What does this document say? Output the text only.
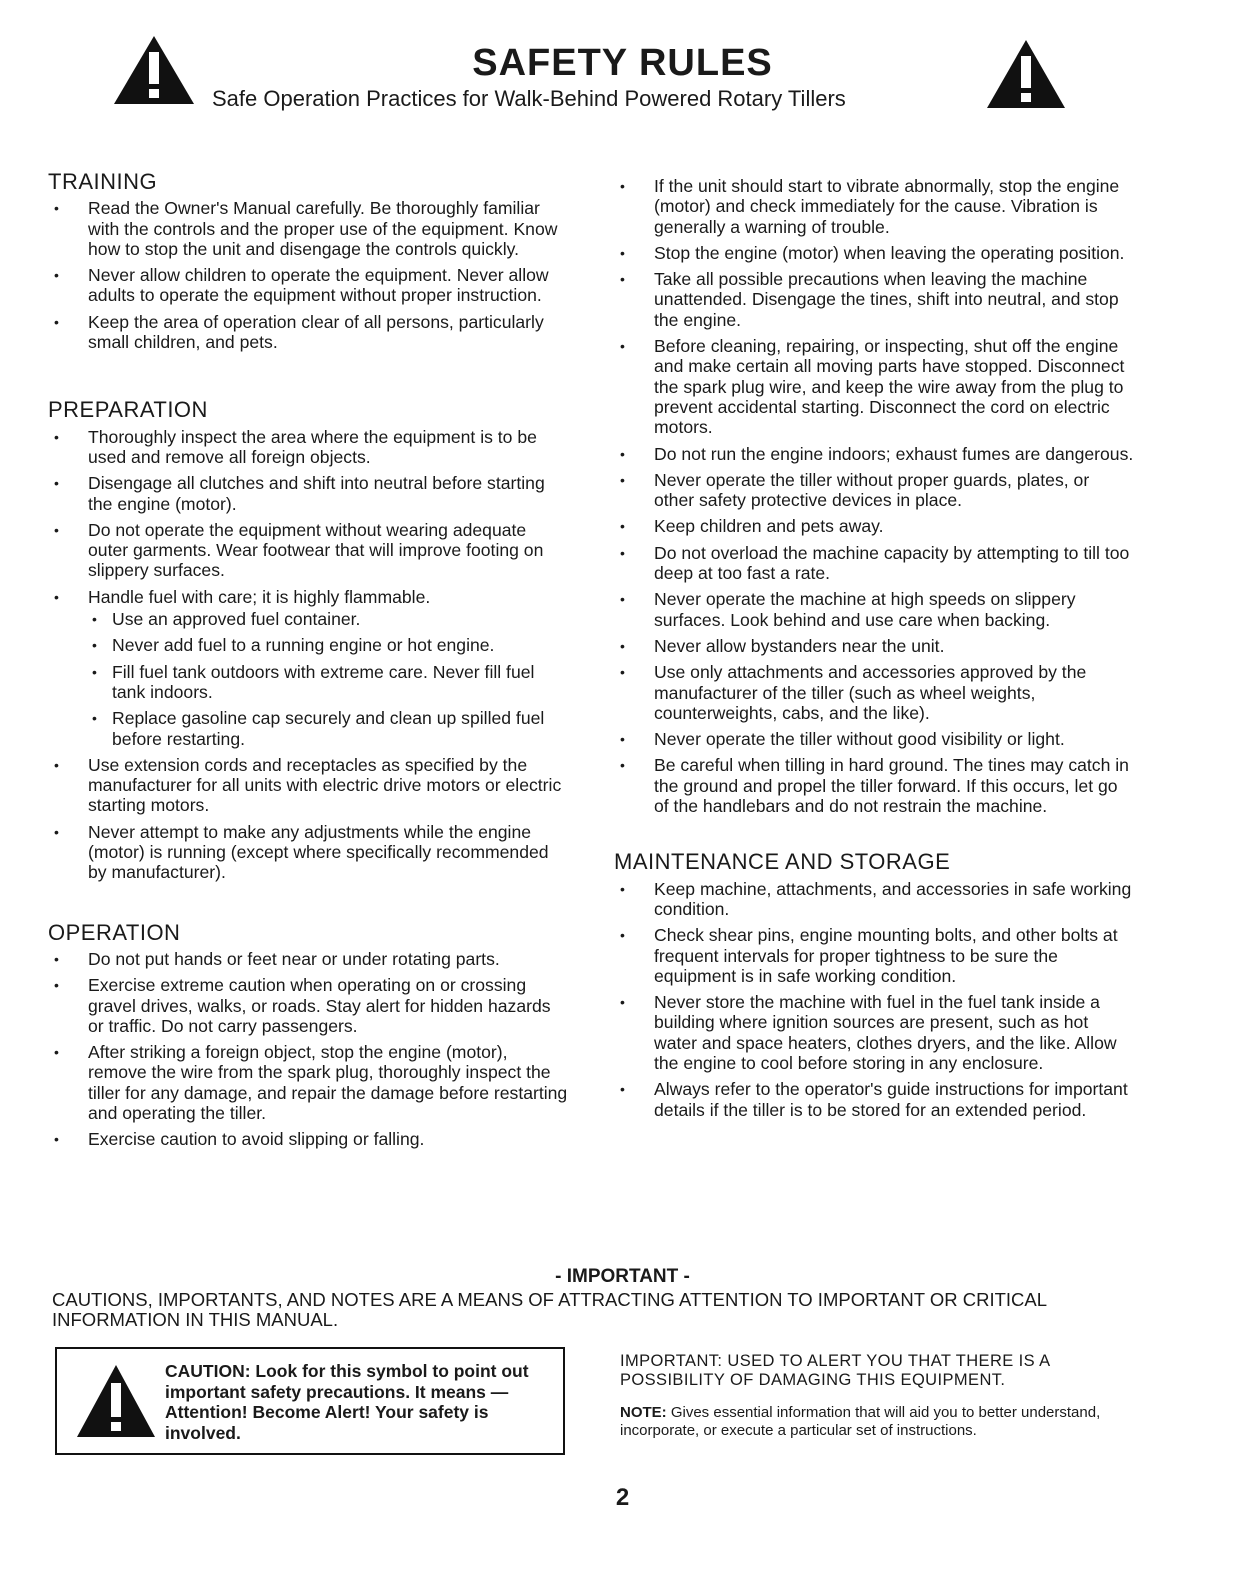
SAFETY RULES
Safe Operation Practices for Walk-Behind Powered Rotary Tillers
TRAINING
• Read the Owner's Manual carefully. Be thoroughly familiar with the controls and the proper use of the equipment. Know how to stop the unit and disengage the controls quickly.
• Never allow children to operate the equipment. Never allow adults to operate the equipment without proper instruction.
• Keep the area of operation clear of all persons, particularly small children, and pets.
PREPARATION
• Thoroughly inspect the area where the equipment is to be used and remove all foreign objects.
• Disengage all clutches and shift into neutral before starting the engine (motor).
• Do not operate the equipment without wearing adequate outer garments. Wear footwear that will improve footing on slippery surfaces.
• Handle fuel with care; it is highly flammable.
• Use an approved fuel container.
• Never add fuel to a running engine or hot engine.
• Fill fuel tank outdoors with extreme care. Never fill fuel tank indoors.
• Replace gasoline cap securely and clean up spilled fuel before restarting.
• Use extension cords and receptacles as specified by the manufacturer for all units with electric drive motors or electric starting motors.
• Never attempt to make any adjustments while the engine (motor) is running (except where specifically recommended by manufacturer).
OPERATION
• Do not put hands or feet near or under rotating parts.
• Exercise extreme caution when operating on or crossing gravel drives, walks, or roads. Stay alert for hidden hazards or traffic. Do not carry passengers.
• After striking a foreign object, stop the engine (motor), remove the wire from the spark plug, thoroughly inspect the tiller for any damage, and repair the damage before restarting and operating the tiller.
• Exercise caution to avoid slipping or falling.
• If the unit should start to vibrate abnormally, stop the engine (motor) and check immediately for the cause. Vibration is generally a warning of trouble.
• Stop the engine (motor) when leaving the operating position.
• Take all possible precautions when leaving the machine unattended. Disengage the tines, shift into neutral, and stop the engine.
• Before cleaning, repairing, or inspecting, shut off the engine and make certain all moving parts have stopped. Disconnect the spark plug wire, and keep the wire away from the plug to prevent accidental starting. Disconnect the cord on electric motors.
• Do not run the engine indoors; exhaust fumes are dangerous.
• Never operate the tiller without proper guards, plates, or other safety protective devices in place.
• Keep children and pets away.
• Do not overload the machine capacity by attempting to till too deep at too fast a rate.
• Never operate the machine at high speeds on slippery surfaces. Look behind and use care when backing.
• Never allow bystanders near the unit.
• Use only attachments and accessories approved by the manufacturer of the tiller (such as wheel weights, counterweights, cabs, and the like).
• Never operate the tiller without good visibility or light.
• Be careful when tilling in hard ground. The tines may catch in the ground and propel the tiller forward. If this occurs, let go of the handlebars and do not restrain the machine.
MAINTENANCE AND STORAGE
• Keep machine, attachments, and accessories in safe working condition.
• Check shear pins, engine mounting bolts, and other bolts at frequent intervals for proper tightness to be sure the equipment is in safe working condition.
• Never store the machine with fuel in the fuel tank inside a building where ignition sources are present, such as hot water and space heaters, clothes dryers, and the like. Allow the engine to cool before storing in any enclosure.
• Always refer to the operator's guide instructions for important details if the tiller is to be stored for an extended period.
- IMPORTANT -
CAUTIONS, IMPORTANTS, AND NOTES ARE A MEANS OF ATTRACTING ATTENTION TO IMPORTANT OR CRITICAL INFORMATION IN THIS MANUAL.
CAUTION: Look for this symbol to point out important safety precautions. It means —Attention! Become Alert! Your safety is involved.
IMPORTANT: USED TO ALERT YOU THAT THERE IS A POSSIBILITY OF DAMAGING THIS EQUIPMENT.
NOTE: Gives essential information that will aid you to better understand, incorporate, or execute a particular set of instructions.
2
